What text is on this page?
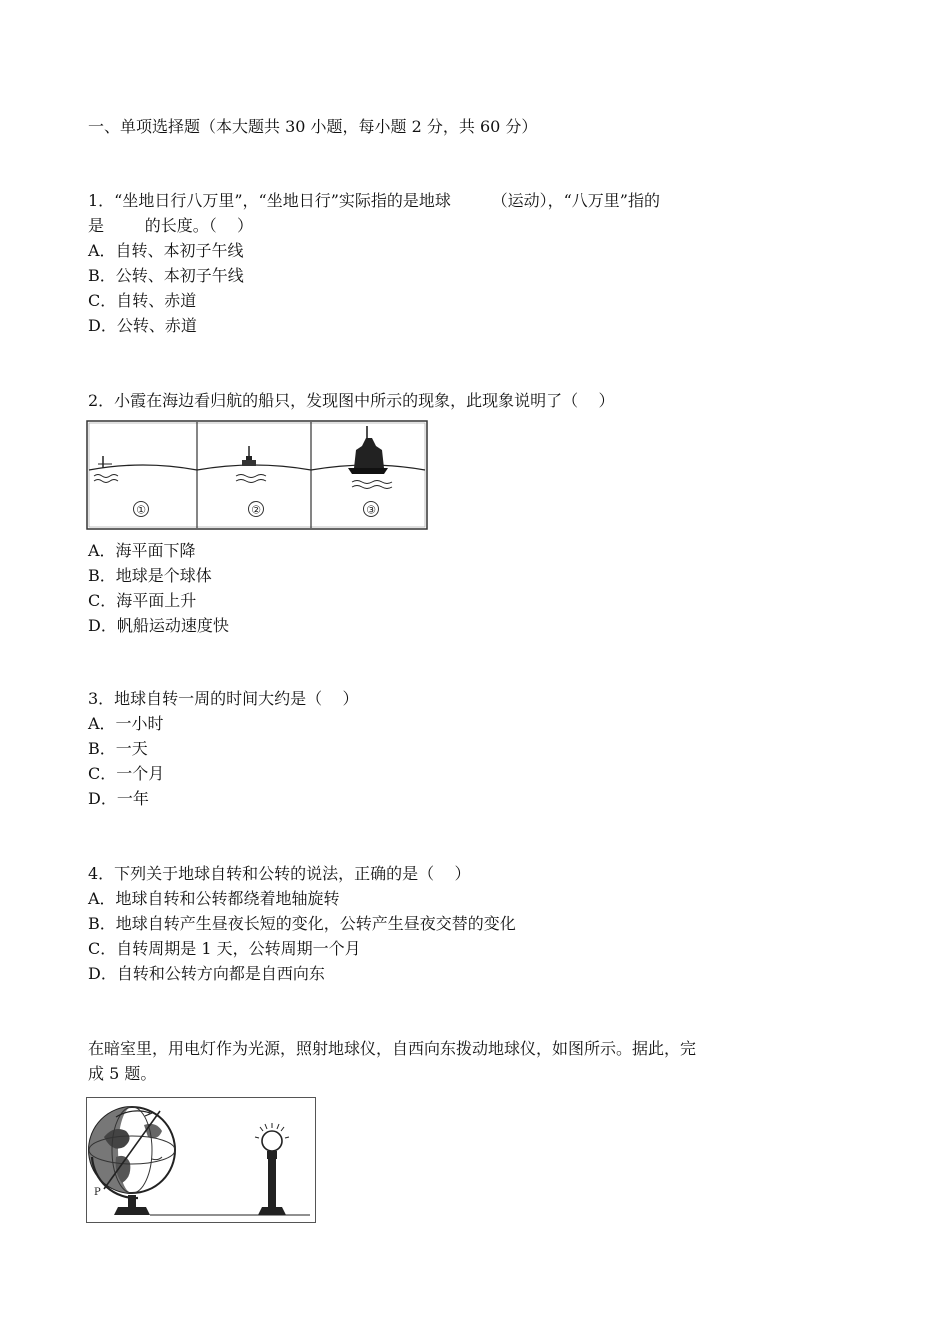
一、单项选择题（本大题共 30 小题，每小题 2 分，共 60 分）
1．“坐地日行八万里”，“坐地日行”实际指的是地球        （运动），“八万里”指的
是        的长度。（    ）
A．自转、本初子午线
B．公转、本初子午线
C．自转、赤道
D．公转、赤道
2．小霞在海边看归航的船只，发现图中所示的现象，此现象说明了（    ）
①	②	③
A．海平面下降
B．地球是个球体
C．海平面上升
D．帆船运动速度快
3．地球自转一周的时间大约是（    ）
A．一小时
B．一天
C．一个月
D．一年
4．下列关于地球自转和公转的说法，正确的是（    ）
A．地球自转和公转都绕着地轴旋转
B．地球自转产生昼夜长短的变化，公转产生昼夜交替的变化
C．自转周期是 1 天，公转周期一个月
D．自转和公转方向都是自西向东
在暗室里，用电灯作为光源，照射地球仪，自西向东拨动地球仪，如图所示。据此，完
成 5 题。
P
